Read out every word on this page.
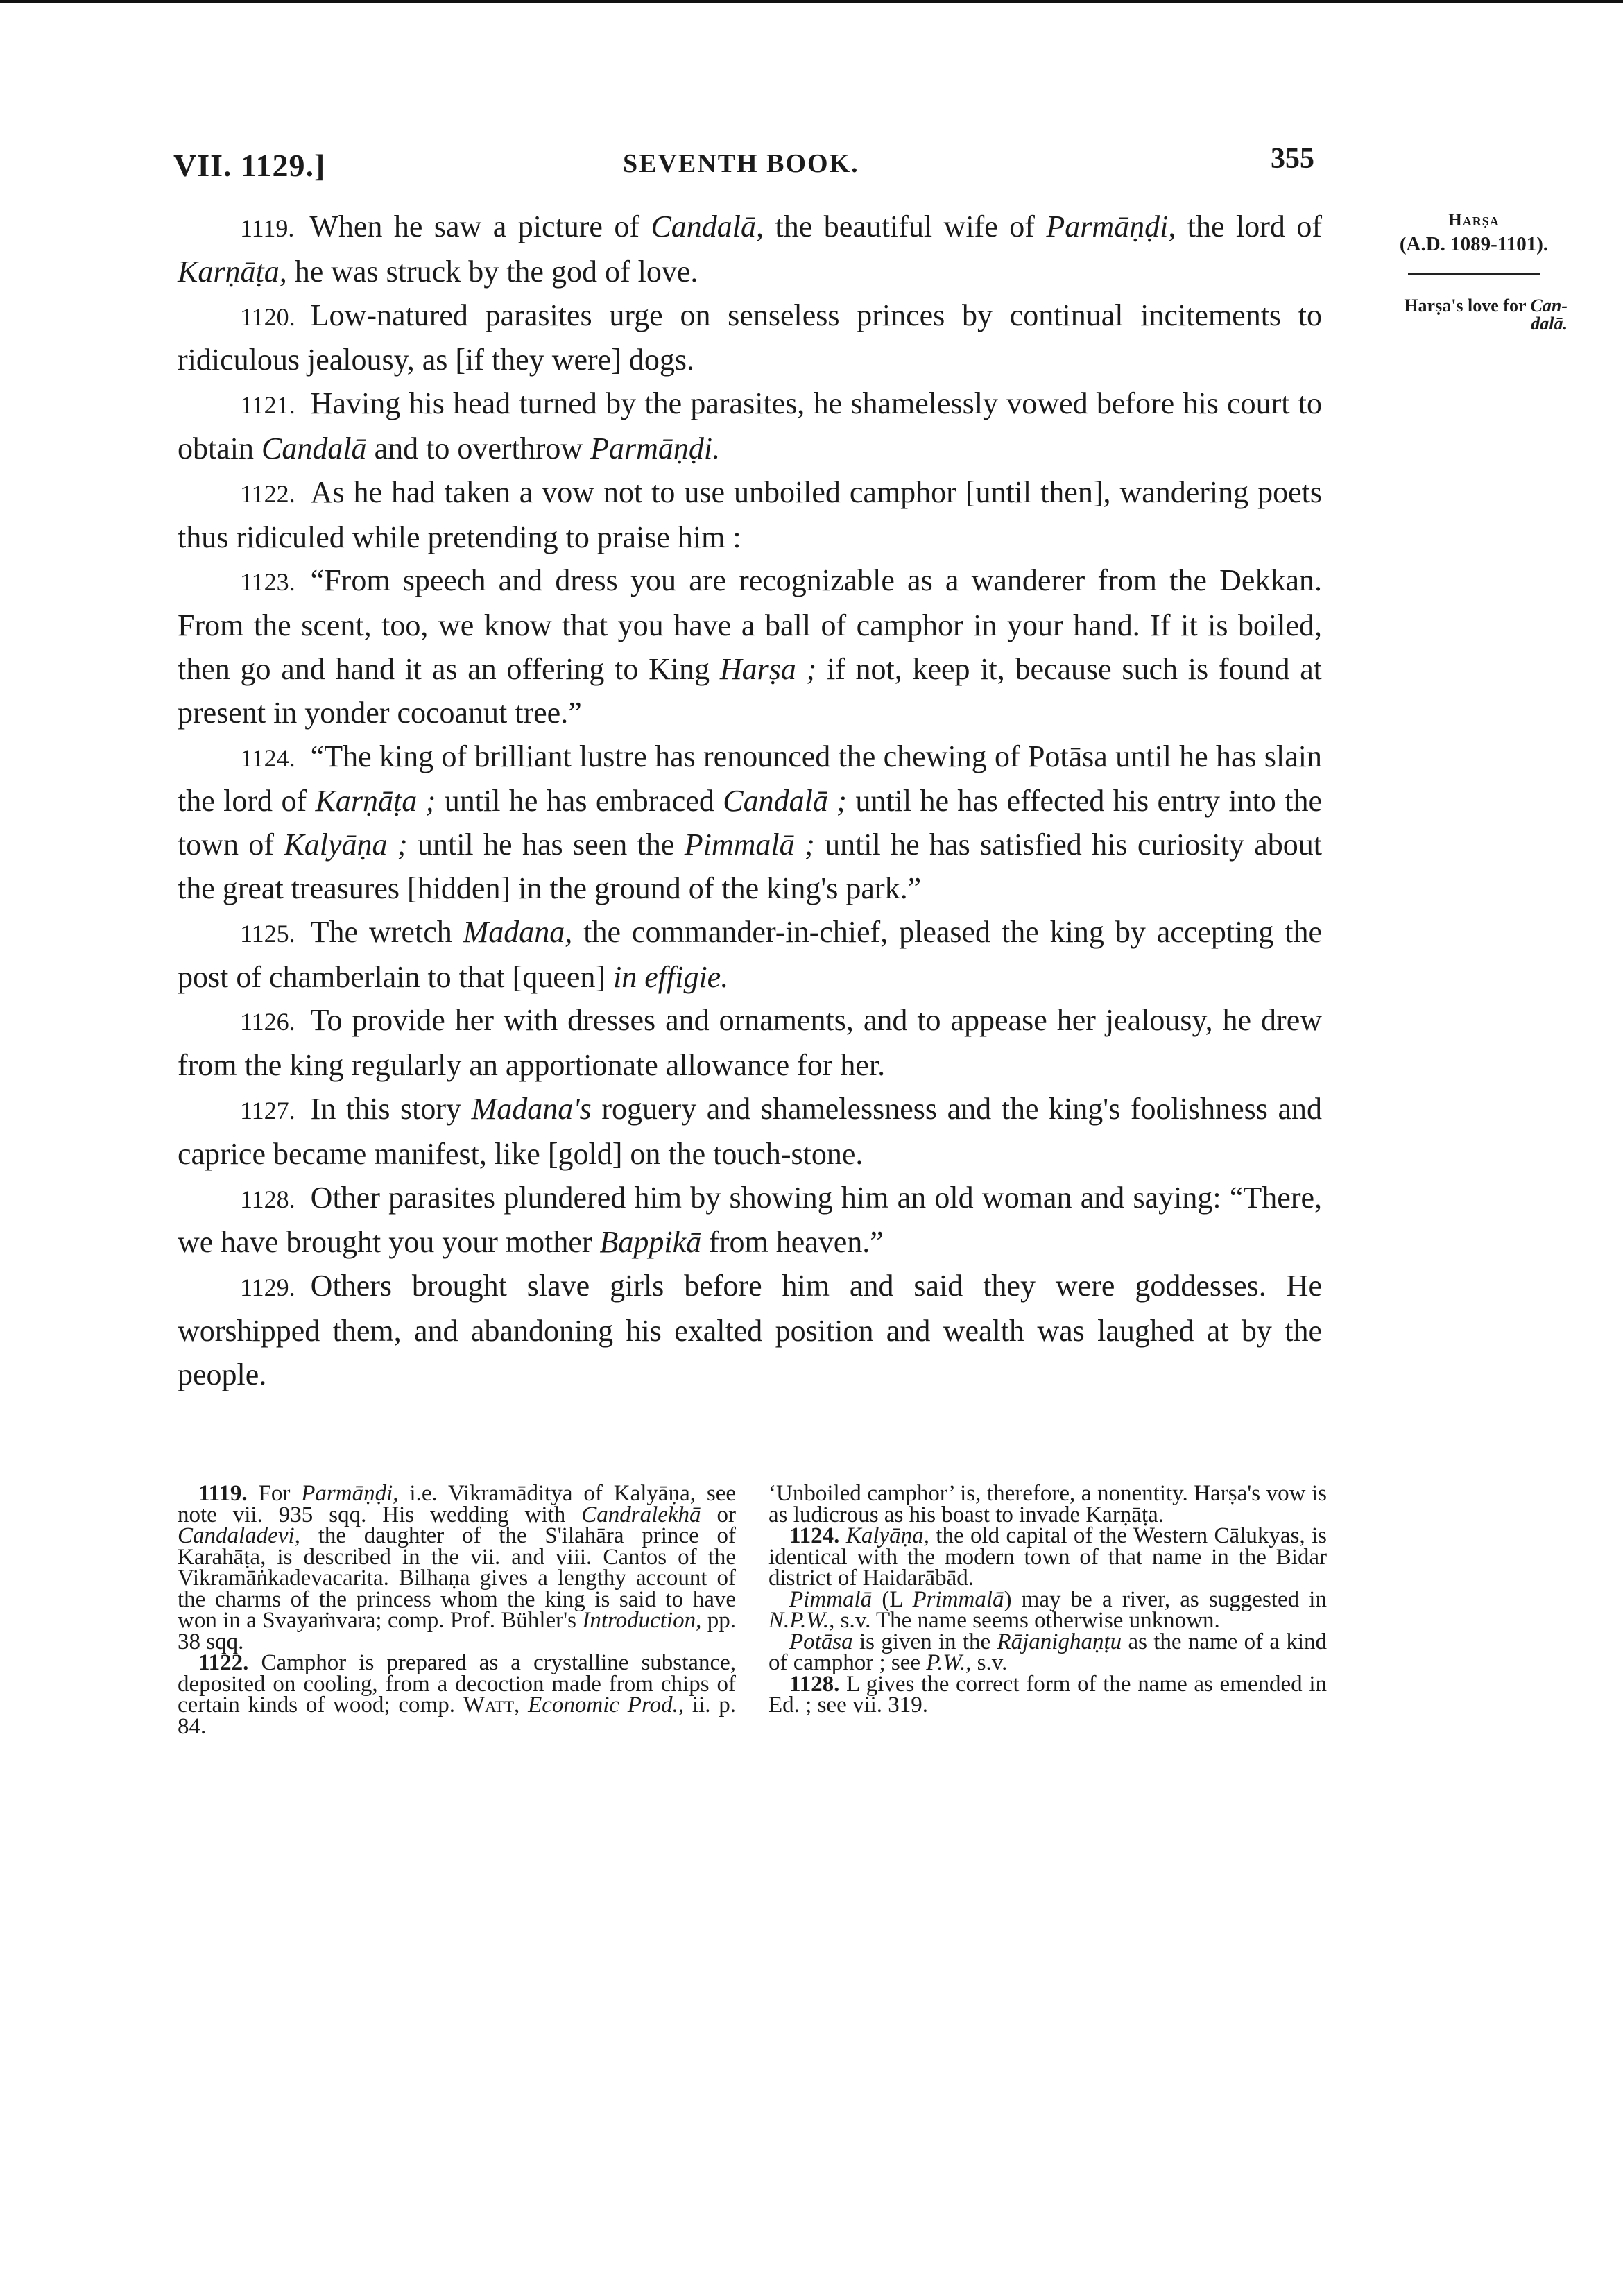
VII. 1129.]	SEVENTH BOOK.	355
Harṣa
(A.D. 1089-1101).
Harṣa's love for Can-
dalā.

1119. When he saw a picture of Candalā, the beautiful wife of Parmāṇḍi, the lord of Karṇāṭa, he was struck by the god of love.

1120. Low-natured parasites urge on senseless princes by continual incitements to ridiculous jealousy, as [if they were] dogs.

1121. Having his head turned by the parasites, he shamelessly vowed before his court to obtain Candalā and to overthrow Parmāṇḍi.

1122. As he had taken a vow not to use unboiled camphor [until then], wandering poets thus ridiculed while pretending to praise him :

1123. “From speech and dress you are recognizable as a wanderer from the Dekkan. From the scent, too, we know that you have a ball of camphor in your hand. If it is boiled, then go and hand it as an offering to King Harṣa ; if not, keep it, because such is found at present in yonder cocoanut tree.”

1124. “The king of brilliant lustre has renounced the chewing of Potāsa until he has slain the lord of Karṇāṭa ; until he has embraced Candalā ; until he has effected his entry into the town of Kalyāṇa ; until he has seen the Pimmalā ; until he has satisfied his curiosity about the great treasures [hidden] in the ground of the king's park.”

1125. The wretch Madana, the commander-in-chief, pleased the king by accepting the post of chamberlain to that [queen] in effigie.

1126. To provide her with dresses and ornaments, and to appease her jealousy, he drew from the king regularly an apportionate allowance for her.

1127. In this story Madana's roguery and shamelessness and the king's foolishness and caprice became manifest, like [gold] on the touch-stone.

1128. Other parasites plundered him by showing him an old woman and saying: “There, we have brought you your mother Bappikā from heaven.”

1129. Others brought slave girls before him and said they were goddesses. He worshipped them, and abandoning his exalted position and wealth was laughed at by the people.

1119. For Parmāṇḍi, i.e. Vikramāditya of Kalyāṇa, see note vii. 935 sqq. His wedding with Candralekhā or Candaladevi, the daughter of the S'ilahāra prince of Karahāṭa, is described in the vii. and viii. Cantos of the Vikramāṅkadevacarita. Bilhaṇa gives a lengthy account of the charms of the princess whom the king is said to have won in a Svayaṁvara; comp. Prof. Bühler's Introduction, pp. 38 sqq.

1122. Camphor is prepared as a crystalline substance, deposited on cooling, from a decoction made from chips of certain kinds of wood; comp. Watt, Economic Prod., ii. p. 84.

‘Unboiled camphor’ is, therefore, a nonentity. Harṣa's vow is as ludicrous as his boast to invade Karṇāṭa.

1124. Kalyāṇa, the old capital of the Western Cālukyas, is identical with the modern town of that name in the Bidar district of Haidarābād.

Pimmalā (L Primmalā) may be a river, as suggested in N.P.W., s.v. The name seems otherwise unknown.

Potāsa is given in the Rājanighaṇṭu as the name of a kind of camphor ; see P.W., s.v.

1128. L gives the correct form of the name as emended in Ed. ; see vii. 319.
